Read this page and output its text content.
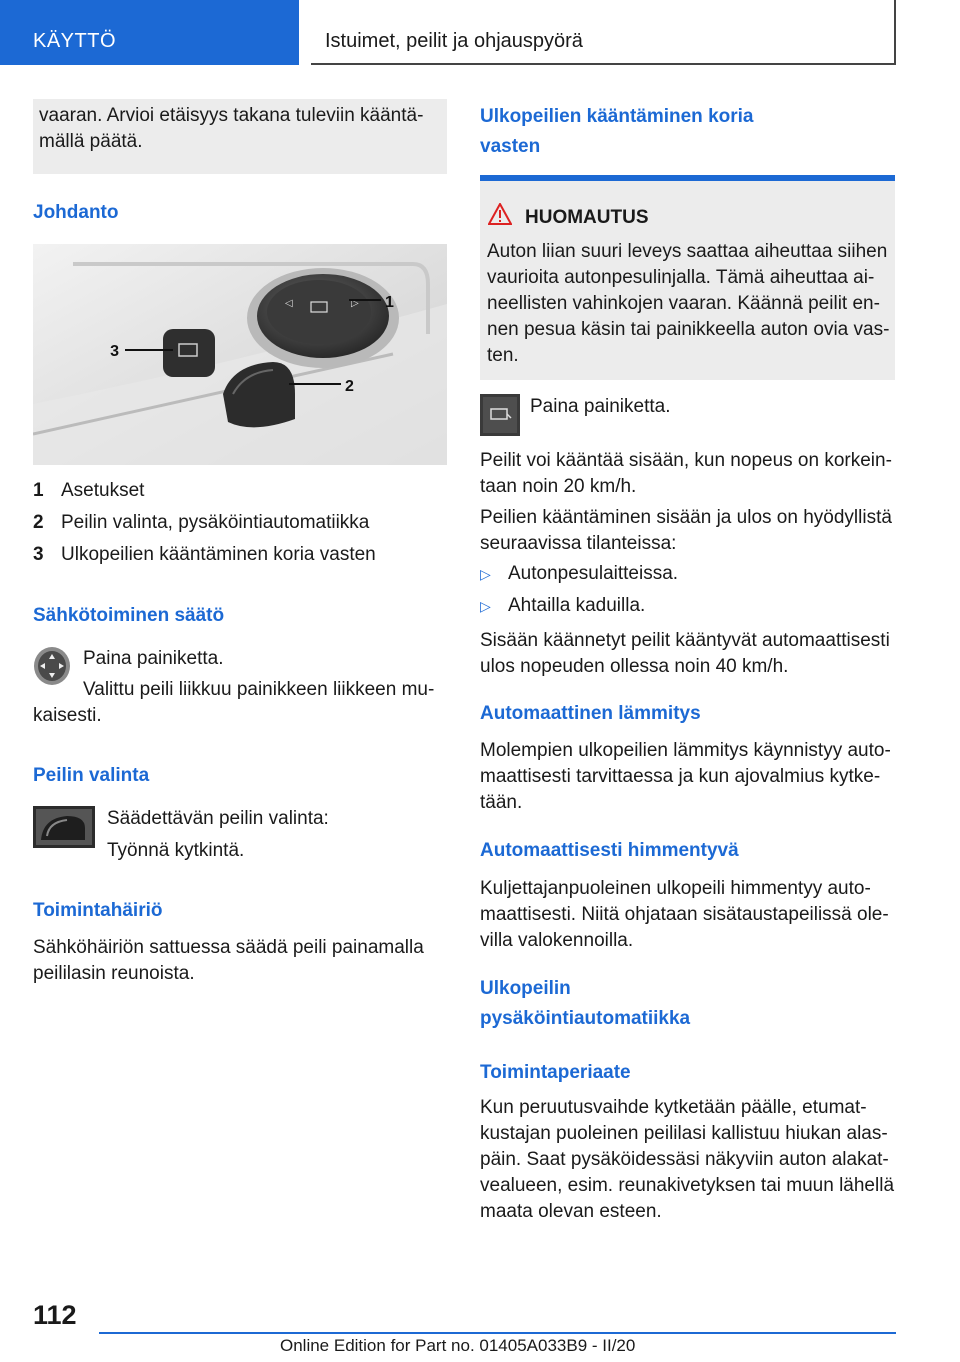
KÄYTTÖ	Istuimet, peilit ja ohjauspyörä

vaaran. Arvioi etäisyys takana tuleviin kääntä-

mällä päätä.

Johdanto
◁	▷ 1
3
2
1 Asetukset
2 Peilin valinta, pysäköintiautomatiikka
3 Ulkopeilien kääntäminen koria vasten
Sähkötoiminen säätö

Paina painiketta.

Valittu peili liikkuu painikkeen liikkeen mu-

kaisesti.

Peilin valinta

Säädettävän peilin valinta:

Työnnä kytkintä.

Toimintahäiriö

Sähköhäiriön sattuessa säädä peili painamalla

peililasin reunoista.

Ulkopeilien kääntäminen koria
vasten
HUOMAUTUS

Auton liian suuri leveys saattaa aiheuttaa siihen

vaurioita autonpesulinjalla. Tämä aiheuttaa ai-

neellisten vahinkojen vaaran. Käännä peilit en-

nen pesua käsin tai painikkeella auton ovia vas-

ten.

Paina painiketta.

Peilit voi kääntää sisään, kun nopeus on korkein-

taan noin 20 km/h.

Peilien kääntäminen sisään ja ulos on hyödyllistä

seuraavissa tilanteissa:

▷ Autonpesulaitteissa.
▷ Ahtailla kaduilla.

Sisään käännetyt peilit kääntyvät automaattisesti

ulos nopeuden ollessa noin 40 km/h.

Automaattinen lämmitys

Molempien ulkopeilien lämmitys käynnistyy auto-

maattisesti tarvittaessa ja kun ajovalmius kytke-

tään.

Automaattisesti himmentyvä

Kuljettajanpuoleinen ulkopeili himmentyy auto-

maattisesti. Niitä ohjataan sisätaustapeilissä ole-

villa valokennoilla.

Ulkopeilin
pysäköintiautomatiikka
Toimintaperiaate

Kun peruutusvaihde kytketään päälle, etumat-

kustajan puoleinen peililasi kallistuu hiukan alas-

päin. Saat pysäköidessäsi näkyviin auton alakat-

vealueen, esim. reunakivetyksen tai muun lähellä

maata olevan esteen.

112
Online Edition for Part no. 01405A033B9 - II/20
